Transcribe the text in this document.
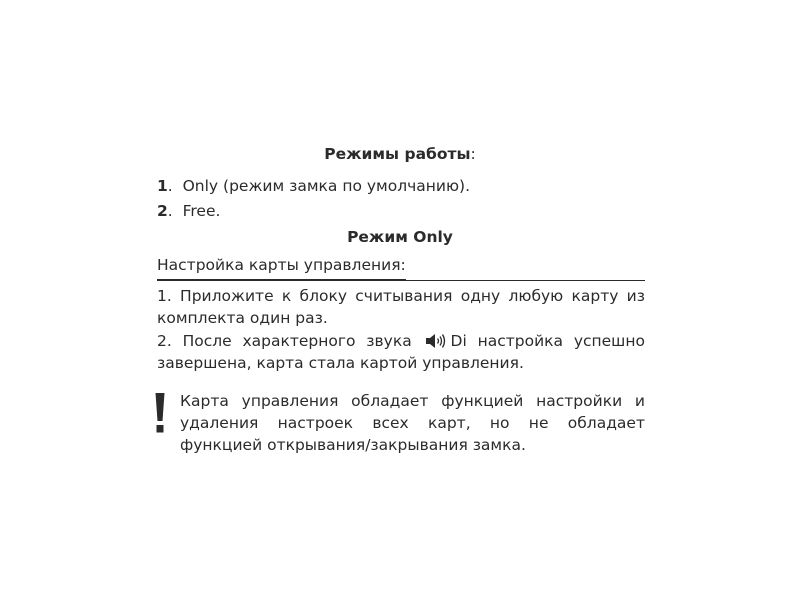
Режимы работы:
1. Only (режим замка по умолчанию).
2. Free.
Режим Only
Настройка карты управления:
1. Приложите к блоку считывания одну любую карту из комплекта один раз.
2. После характерного звука	Di настройка успешно завершена, карта стала картой управления.
Карта управления обладает функцией настройки и удаления настроек всех карт, но не обладает функцией открывания/закрывания замка.
